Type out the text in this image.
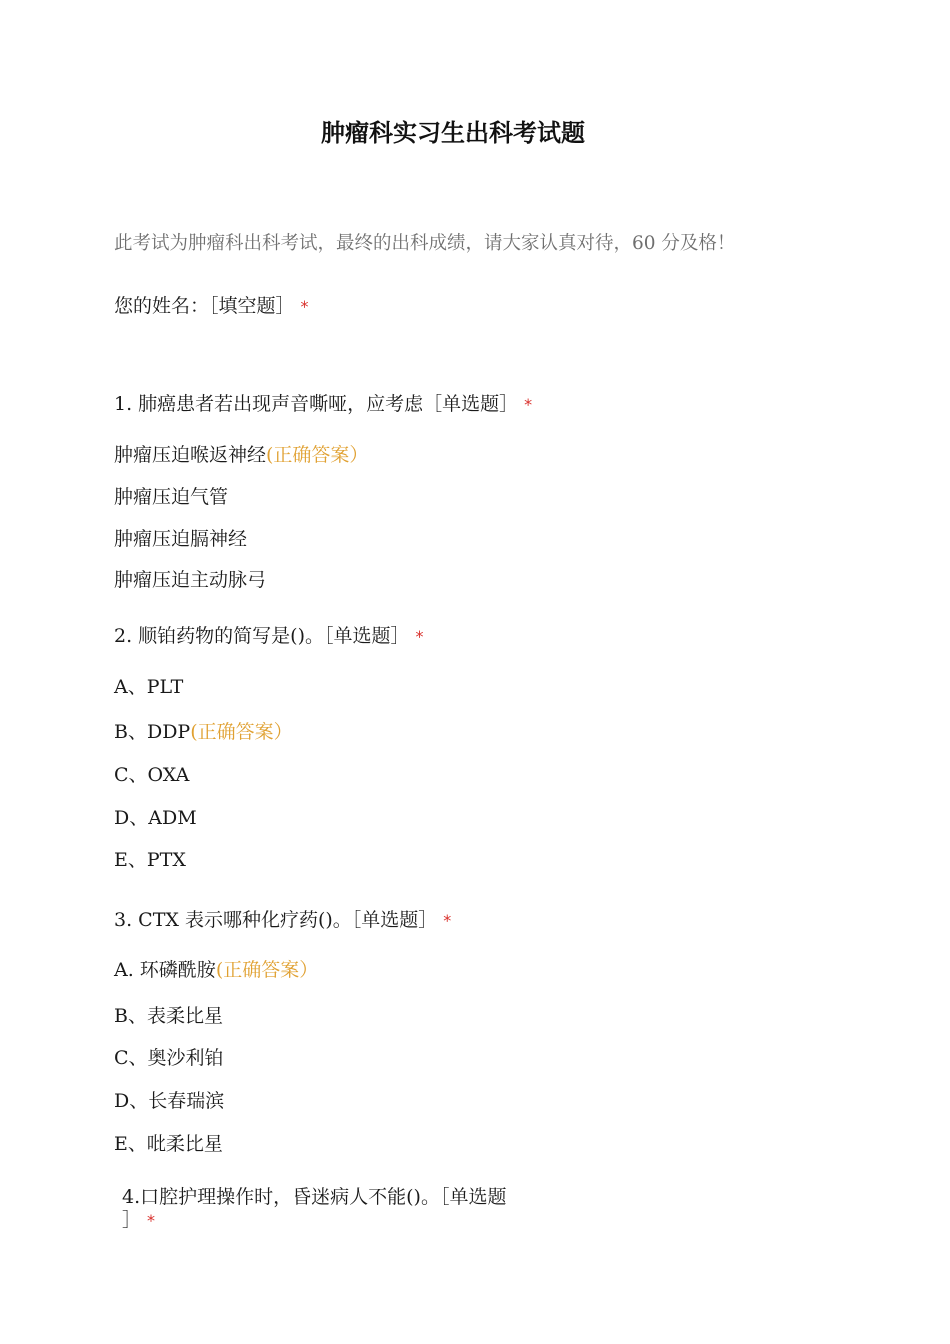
肿瘤科实习生出科考试题
此考试为肿瘤科出科考试，最终的出科成绩，请大家认真对待，60 分及格！
您的姓名：［填空题］ *
1. 肺癌患者若出现声音嘶哑，应考虑［单选题］ *
肿瘤压迫喉返神经(正确答案）
肿瘤压迫气管
肿瘤压迫膈神经
肿瘤压迫主动脉弓
2. 顺铂药物的简写是()。［单选题］ *
A、PLT
B、DDP(正确答案）
C、OXA
D、ADM
E、PTX
3. CTX 表示哪种化疗药()。［单选题］ *
A. 环磷酰胺(正确答案）
B、表柔比星
C、奥沙利铂
D、长春瑞滨
E、吡柔比星
4.口腔护理操作时，昏迷病人不能()。［单选题
］ *
